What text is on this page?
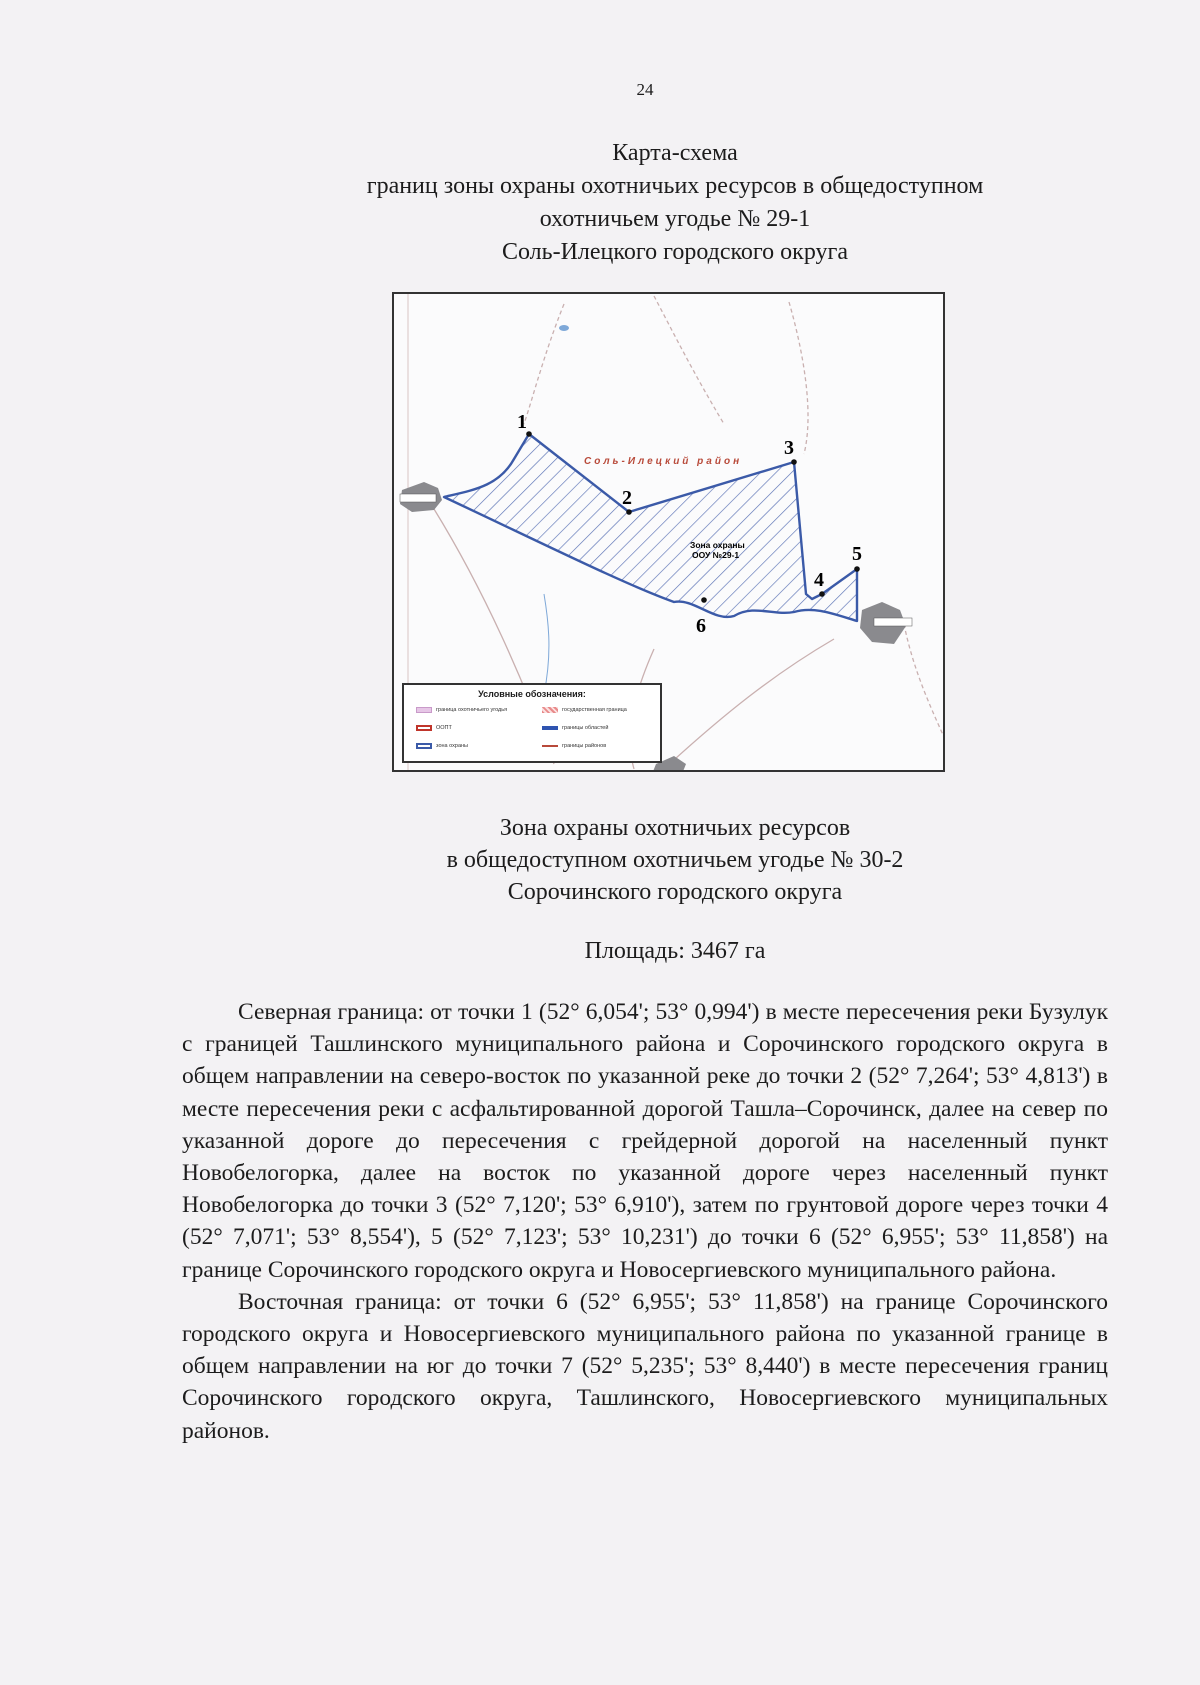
24
Карта-схема
границ зоны охраны охотничьих ресурсов в общедоступном
охотничьем угодье № 29-1
Соль-Илецкого городского округа
1
2
3
4
5
6
Соль-Илецкий район
Зона охраны
ООУ №29-1
Условные обозначения:
граница охотничьего угодья	государственная граница
ООПТ	границы областей
зона охраны	границы районов
Зона охраны охотничьих ресурсов
в общедоступном охотничьем угодье № 30-2
Сорочинского городского округа
Площадь: 3467 га

Северная граница: от точки 1 (52° 6,054'; 53° 0,994') в месте пересечения реки Бузулук с границей Ташлинского муниципального района и Сорочинского городского округа в общем направлении на северо-восток по указанной реке до точки 2 (52° 7,264'; 53° 4,813') в месте пересечения реки с асфальтированной дорогой Ташла–Сорочинск, далее на север по указанной дороге до пересечения с грейдерной дорогой на населенный пункт Новобелогорка, далее на восток по указанной дороге через населенный пункт Новобелогорка до точки 3 (52° 7,120'; 53° 6,910'), затем по грунтовой дороге через точки 4 (52° 7,071'; 53° 8,554'), 5 (52° 7,123'; 53° 10,231') до точки 6 (52° 6,955'; 53° 11,858') на границе Сорочинского городского округа и Новосергиевского муниципального района.

Восточная граница: от точки 6 (52° 6,955'; 53° 11,858') на границе Сорочинского городского округа и Новосергиевского муниципального района по указанной границе в общем направлении на юг до точки 7 (52° 5,235'; 53° 8,440') в месте пересечения границ Сорочинского городского округа, Ташлинского, Новосергиевского муниципальных районов.
